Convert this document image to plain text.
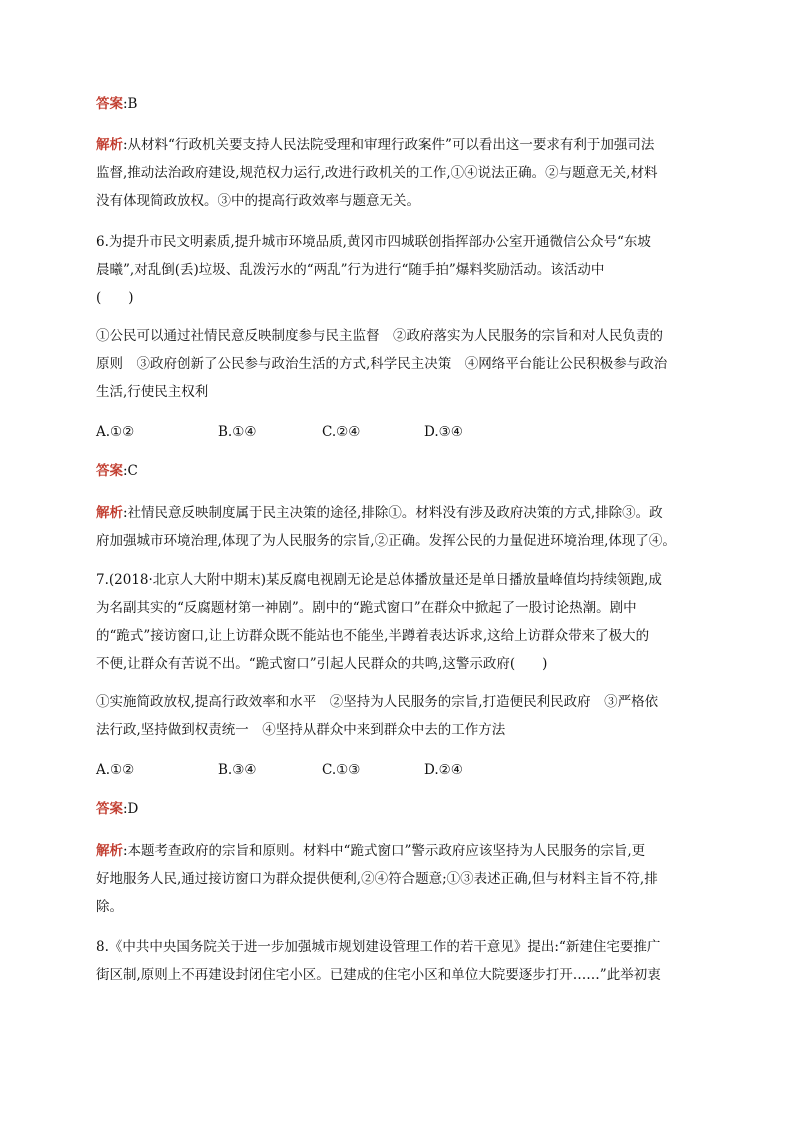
答案:B

解析:从材料“行政机关要支持人民法院受理和审理行政案件”可以看出这一要求有利于加强司法
监督,推动法治政府建设,规范权力运行,改进行政机关的工作,①④说法正确。②与题意无关,材料
没有体现简政放权。③中的提高行政效率与题意无关。

6.为提升市民文明素质,提升城市环境品质,黄冈市四城联创指挥部办公室开通微信公众号“东坡
晨曦”,对乱倒(丢)垃圾、乱泼污水的“两乱”行为进行“随手拍”爆料奖励活动。该活动中
(　　)

①公民可以通过社情民意反映制度参与民主监督　②政府落实为人民服务的宗旨和对人民负责的
原则　③政府创新了公民参与政治生活的方式,科学民主决策　④网络平台能让公民积极参与政治
生活,行使民主权利

A.①②	B.①④	C.②④	D.③④

答案:C

解析:社情民意反映制度属于民主决策的途径,排除①。材料没有涉及政府决策的方式,排除③。政
府加强城市环境治理,体现了为人民服务的宗旨,②正确。发挥公民的力量促进环境治理,体现了④。

7.(2018·北京人大附中期末)某反腐电视剧无论是总体播放量还是单日播放量峰值均持续领跑,成
为名副其实的“反腐题材第一神剧”。剧中的“跪式窗口”在群众中掀起了一股讨论热潮。剧中
的“跪式”接访窗口,让上访群众既不能站也不能坐,半蹲着表达诉求,这给上访群众带来了极大的
不便,让群众有苦说不出。“跪式窗口”引起人民群众的共鸣,这警示政府(　　)

①实施简政放权,提高行政效率和水平　②坚持为人民服务的宗旨,打造便民利民政府　③严格依
法行政,坚持做到权责统一　④坚持从群众中来到群众中去的工作方法

A.①②	B.③④	C.①③	D.②④

答案:D

解析:本题考查政府的宗旨和原则。材料中“跪式窗口”警示政府应该坚持为人民服务的宗旨,更
好地服务人民,通过接访窗口为群众提供便利,②④符合题意;①③表述正确,但与材料主旨不符,排
除。

8.《中共中央国务院关于进一步加强城市规划建设管理工作的若干意见》提出:“新建住宅要推广
街区制,原则上不再建设封闭住宅小区。已建成的住宅小区和单位大院要逐步打开……”此举初衷
